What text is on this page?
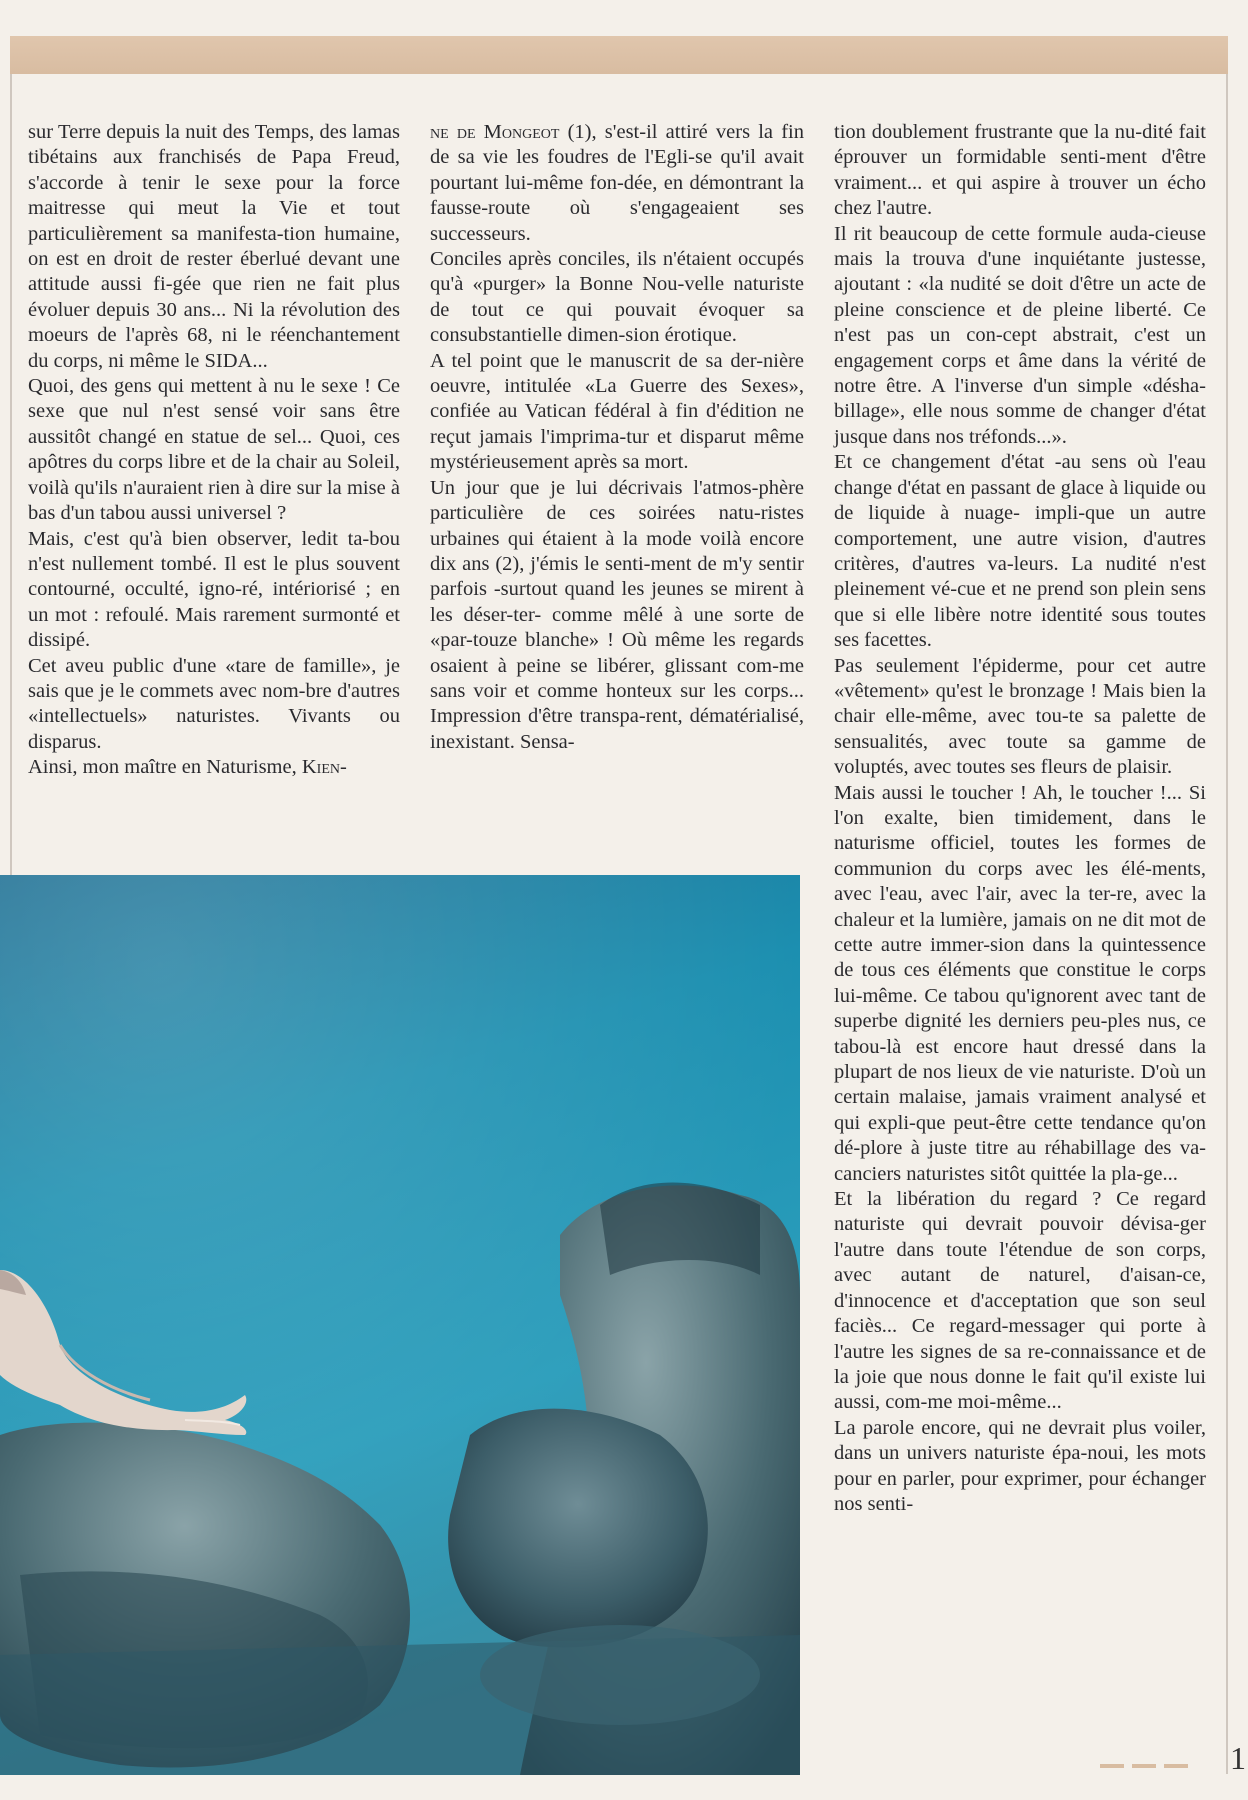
sur Terre depuis la nuit des Temps, des lamas tibétains aux franchisés de Papa Freud, s'accorde à tenir le sexe pour la force maitresse qui meut la Vie et tout particulièrement sa manifesta-tion humaine, on est en droit de rester éberlué devant une attitude aussi fi-gée que rien ne fait plus évoluer depuis 30 ans... Ni la révolution des moeurs de l'après 68, ni le réenchantement du corps, ni même le SIDA...

Quoi, des gens qui mettent à nu le sexe ! Ce sexe que nul n'est sensé voir sans être aussitôt changé en statue de sel... Quoi, ces apôtres du corps libre et de la chair au Soleil, voilà qu'ils n'auraient rien à dire sur la mise à bas d'un tabou aussi universel ?

Mais, c'est qu'à bien observer, ledit ta-bou n'est nullement tombé. Il est le plus souvent contourné, occulté, igno-ré, intériorisé ; en un mot : refoulé. Mais rarement surmonté et dissipé.

Cet aveu public d'une «tare de famille», je sais que je le commets avec nom-bre d'autres «intellectuels» naturistes. Vivants ou disparus.

Ainsi, mon maître en Naturisme, Kien-

ne de Mongeot (1), s'est-il attiré vers la fin de sa vie les foudres de l'Egli-se qu'il avait pourtant lui-même fon-dée, en démontrant la fausse-route où s'engageaient ses successeurs.

Conciles après conciles, ils n'étaient occupés qu'à «purger» la Bonne Nou-velle naturiste de tout ce qui pouvait évoquer sa consubstantielle dimen-sion érotique.

A tel point que le manuscrit de sa der-nière oeuvre, intitulée «La Guerre des Sexes», confiée au Vatican fédéral à fin d'édition ne reçut jamais l'imprima-tur et disparut même mystérieusement après sa mort.

Un jour que je lui décrivais l'atmos-phère particulière de ces soirées natu-ristes urbaines qui étaient à la mode voilà encore dix ans (2), j'émis le senti-ment de m'y sentir parfois -surtout quand les jeunes se mirent à les déser-ter- comme mêlé à une sorte de «par-touze blanche» ! Où même les regards osaient à peine se libérer, glissant com-me sans voir et comme honteux sur les corps... Impression d'être transpa-rent, dématérialisé, inexistant. Sensa-

tion doublement frustrante que la nu-dité fait éprouver un formidable senti-ment d'être vraiment... et qui aspire à trouver un écho chez l'autre.

Il rit beaucoup de cette formule auda-cieuse mais la trouva d'une inquiétante justesse, ajoutant : «la nudité se doit d'être un acte de pleine conscience et de pleine liberté. Ce n'est pas un con-cept abstrait, c'est un engagement corps et âme dans la vérité de notre être. A l'inverse d'un simple «désha-billage», elle nous somme de changer d'état jusque dans nos tréfonds...».

Et ce changement d'état -au sens où l'eau change d'état en passant de glace à liquide ou de liquide à nuage- impli-que un autre comportement, une autre vision, d'autres critères, d'autres va-leurs. La nudité n'est pleinement vé-cue et ne prend son plein sens que si elle libère notre identité sous toutes ses facettes.

Pas seulement l'épiderme, pour cet autre «vêtement» qu'est le bronzage ! Mais bien la chair elle-même, avec tou-te sa palette de sensualités, avec toute sa gamme de voluptés, avec toutes ses fleurs de plaisir.

Mais aussi le toucher ! Ah, le toucher !... Si l'on exalte, bien timidement, dans le naturisme officiel, toutes les formes de communion du corps avec les élé-ments, avec l'eau, avec l'air, avec la ter-re, avec la chaleur et la lumière, jamais on ne dit mot de cette autre immer-sion dans la quintessence de tous ces éléments que constitue le corps lui-même. Ce tabou qu'ignorent avec tant de superbe dignité les derniers peu-ples nus, ce tabou-là est encore haut dressé dans la plupart de nos lieux de vie naturiste. D'où un certain malaise, jamais vraiment analysé et qui expli-que peut-être cette tendance qu'on dé-plore à juste titre au réhabillage des va-canciers naturistes sitôt quittée la pla-ge...

Et la libération du regard ? Ce regard naturiste qui devrait pouvoir dévisa-ger l'autre dans toute l'étendue de son corps, avec autant de naturel, d'aisan-ce, d'innocence et d'acceptation que son seul faciès... Ce regard-messager qui porte à l'autre les signes de sa re-connaissance et de la joie que nous donne le fait qu'il existe lui aussi, com-me moi-même...

La parole encore, qui ne devrait plus voiler, dans un univers naturiste épa-noui, les mots pour en parler, pour exprimer, pour échanger nos senti-

1
